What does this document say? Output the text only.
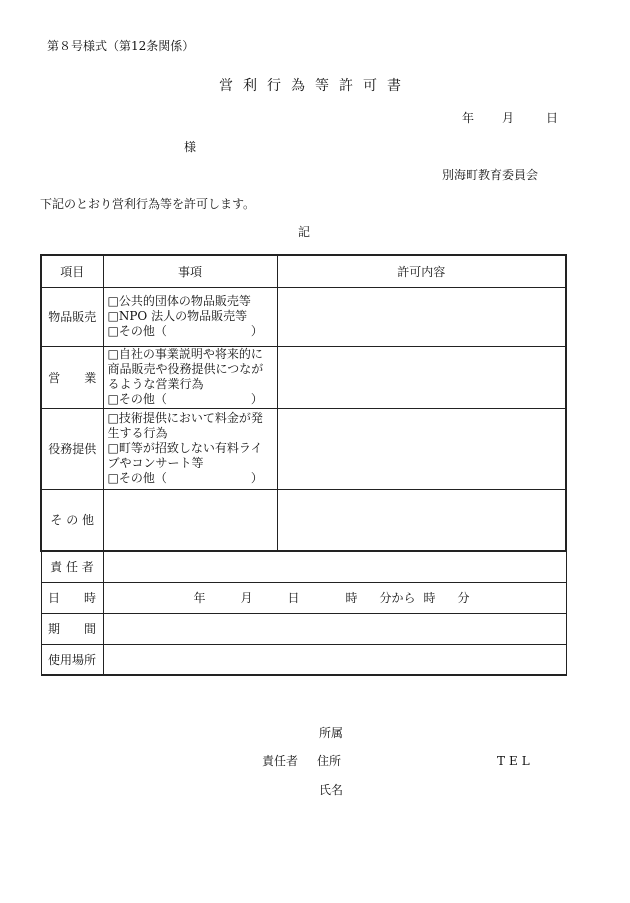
第８号様式（第12条関係）
営利行為等許可書
年 月	日
様
別海町教育委員会
下記のとおり営利行為等を許可します。
記
項目	事項	許可内容
物品販売	□公共的団体の物品販売等
□NPO 法人の物品販売等
□その他（　　　　　　　）	

営　　業	□自社の事業説明や将来的に
商品販売や役務提供につなが
るような営業行為
□その他（　　　　　　　）	

役務提供	□技術提供において料金が発
生する行為
□町等が招致しない有料ライ
ブやコンサート等
□その他（　　　　　　　）	

そ の 他		
責 任 者		
日　　時	年 月 日 時 分から 時 分	
期　　間		
使用場所		
所属
責任者 住所	TEL
氏名
